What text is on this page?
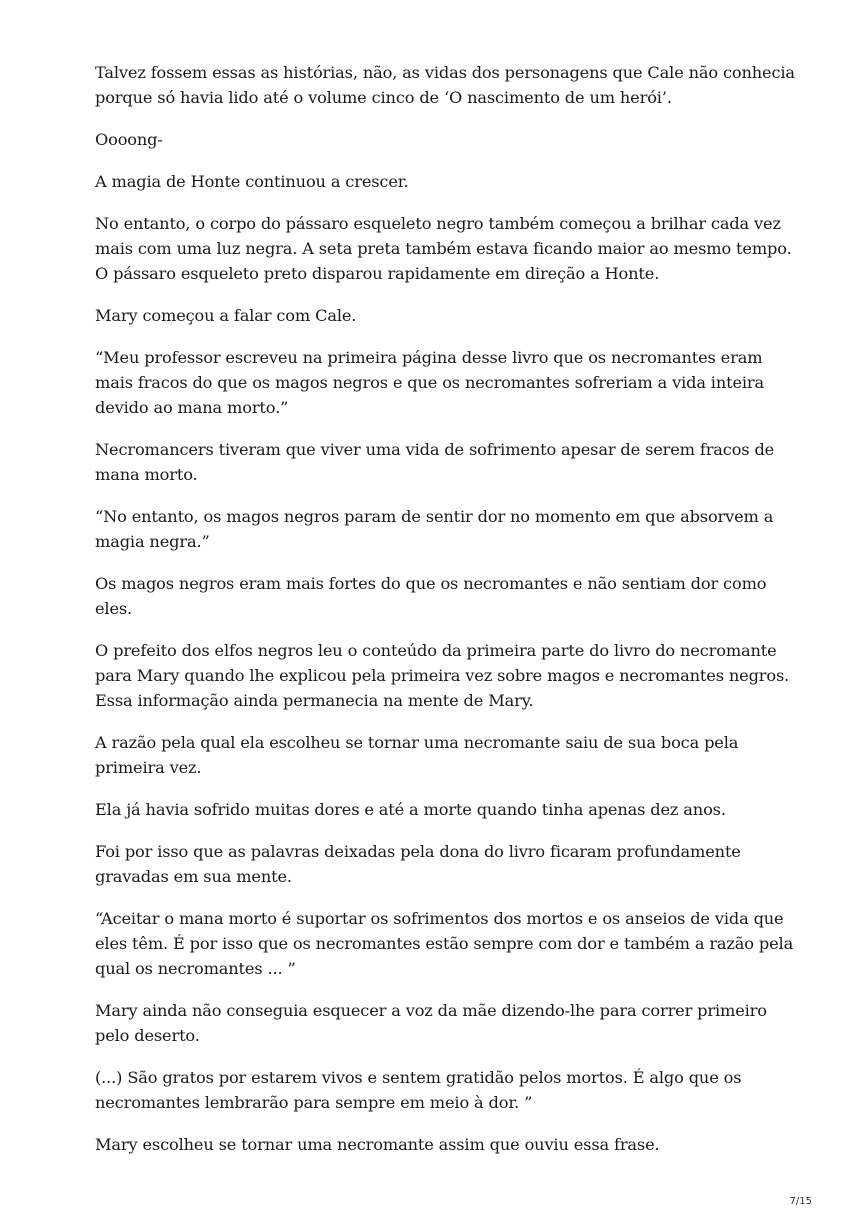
Talvez fossem essas as histórias, não, as vidas dos personagens que Cale não conhecia porque só havia lido até o volume cinco de ‘O nascimento de um herói’.

Oooong-

A magia de Honte continuou a crescer.

No entanto, o corpo do pássaro esqueleto negro também começou a brilhar cada vez mais com uma luz negra. A seta preta também estava ficando maior ao mesmo tempo. O pássaro esqueleto preto disparou rapidamente em direção a Honte.

Mary começou a falar com Cale.

“Meu professor escreveu na primeira página desse livro que os necromantes eram mais fracos do que os magos negros e que os necromantes sofreriam a vida inteira devido ao mana morto.”

Necromancers tiveram que viver uma vida de sofrimento apesar de serem fracos de mana morto.

“No entanto, os magos negros param de sentir dor no momento em que absorvem a magia negra.”

Os magos negros eram mais fortes do que os necromantes e não sentiam dor como eles.

O prefeito dos elfos negros leu o conteúdo da primeira parte do livro do necromante para Mary quando lhe explicou pela primeira vez sobre magos e necromantes negros. Essa informação ainda permanecia na mente de Mary.

A razão pela qual ela escolheu se tornar uma necromante saiu de sua boca pela primeira vez.

Ela já havia sofrido muitas dores e até a morte quando tinha apenas dez anos.

Foi por isso que as palavras deixadas pela dona do livro ficaram profundamente gravadas em sua mente.

“Aceitar o mana morto é suportar os sofrimentos dos mortos e os anseios de vida que eles têm. É por isso que os necromantes estão sempre com dor e também a razão pela qual os necromantes ... ”

Mary ainda não conseguia esquecer a voz da mãe dizendo-lhe para correr primeiro pelo deserto.

(...) São gratos por estarem vivos e sentem gratidão pelos mortos. É algo que os necromantes lembrarão para sempre em meio à dor. ”

Mary escolheu se tornar uma necromante assim que ouviu essa frase.

7/15
